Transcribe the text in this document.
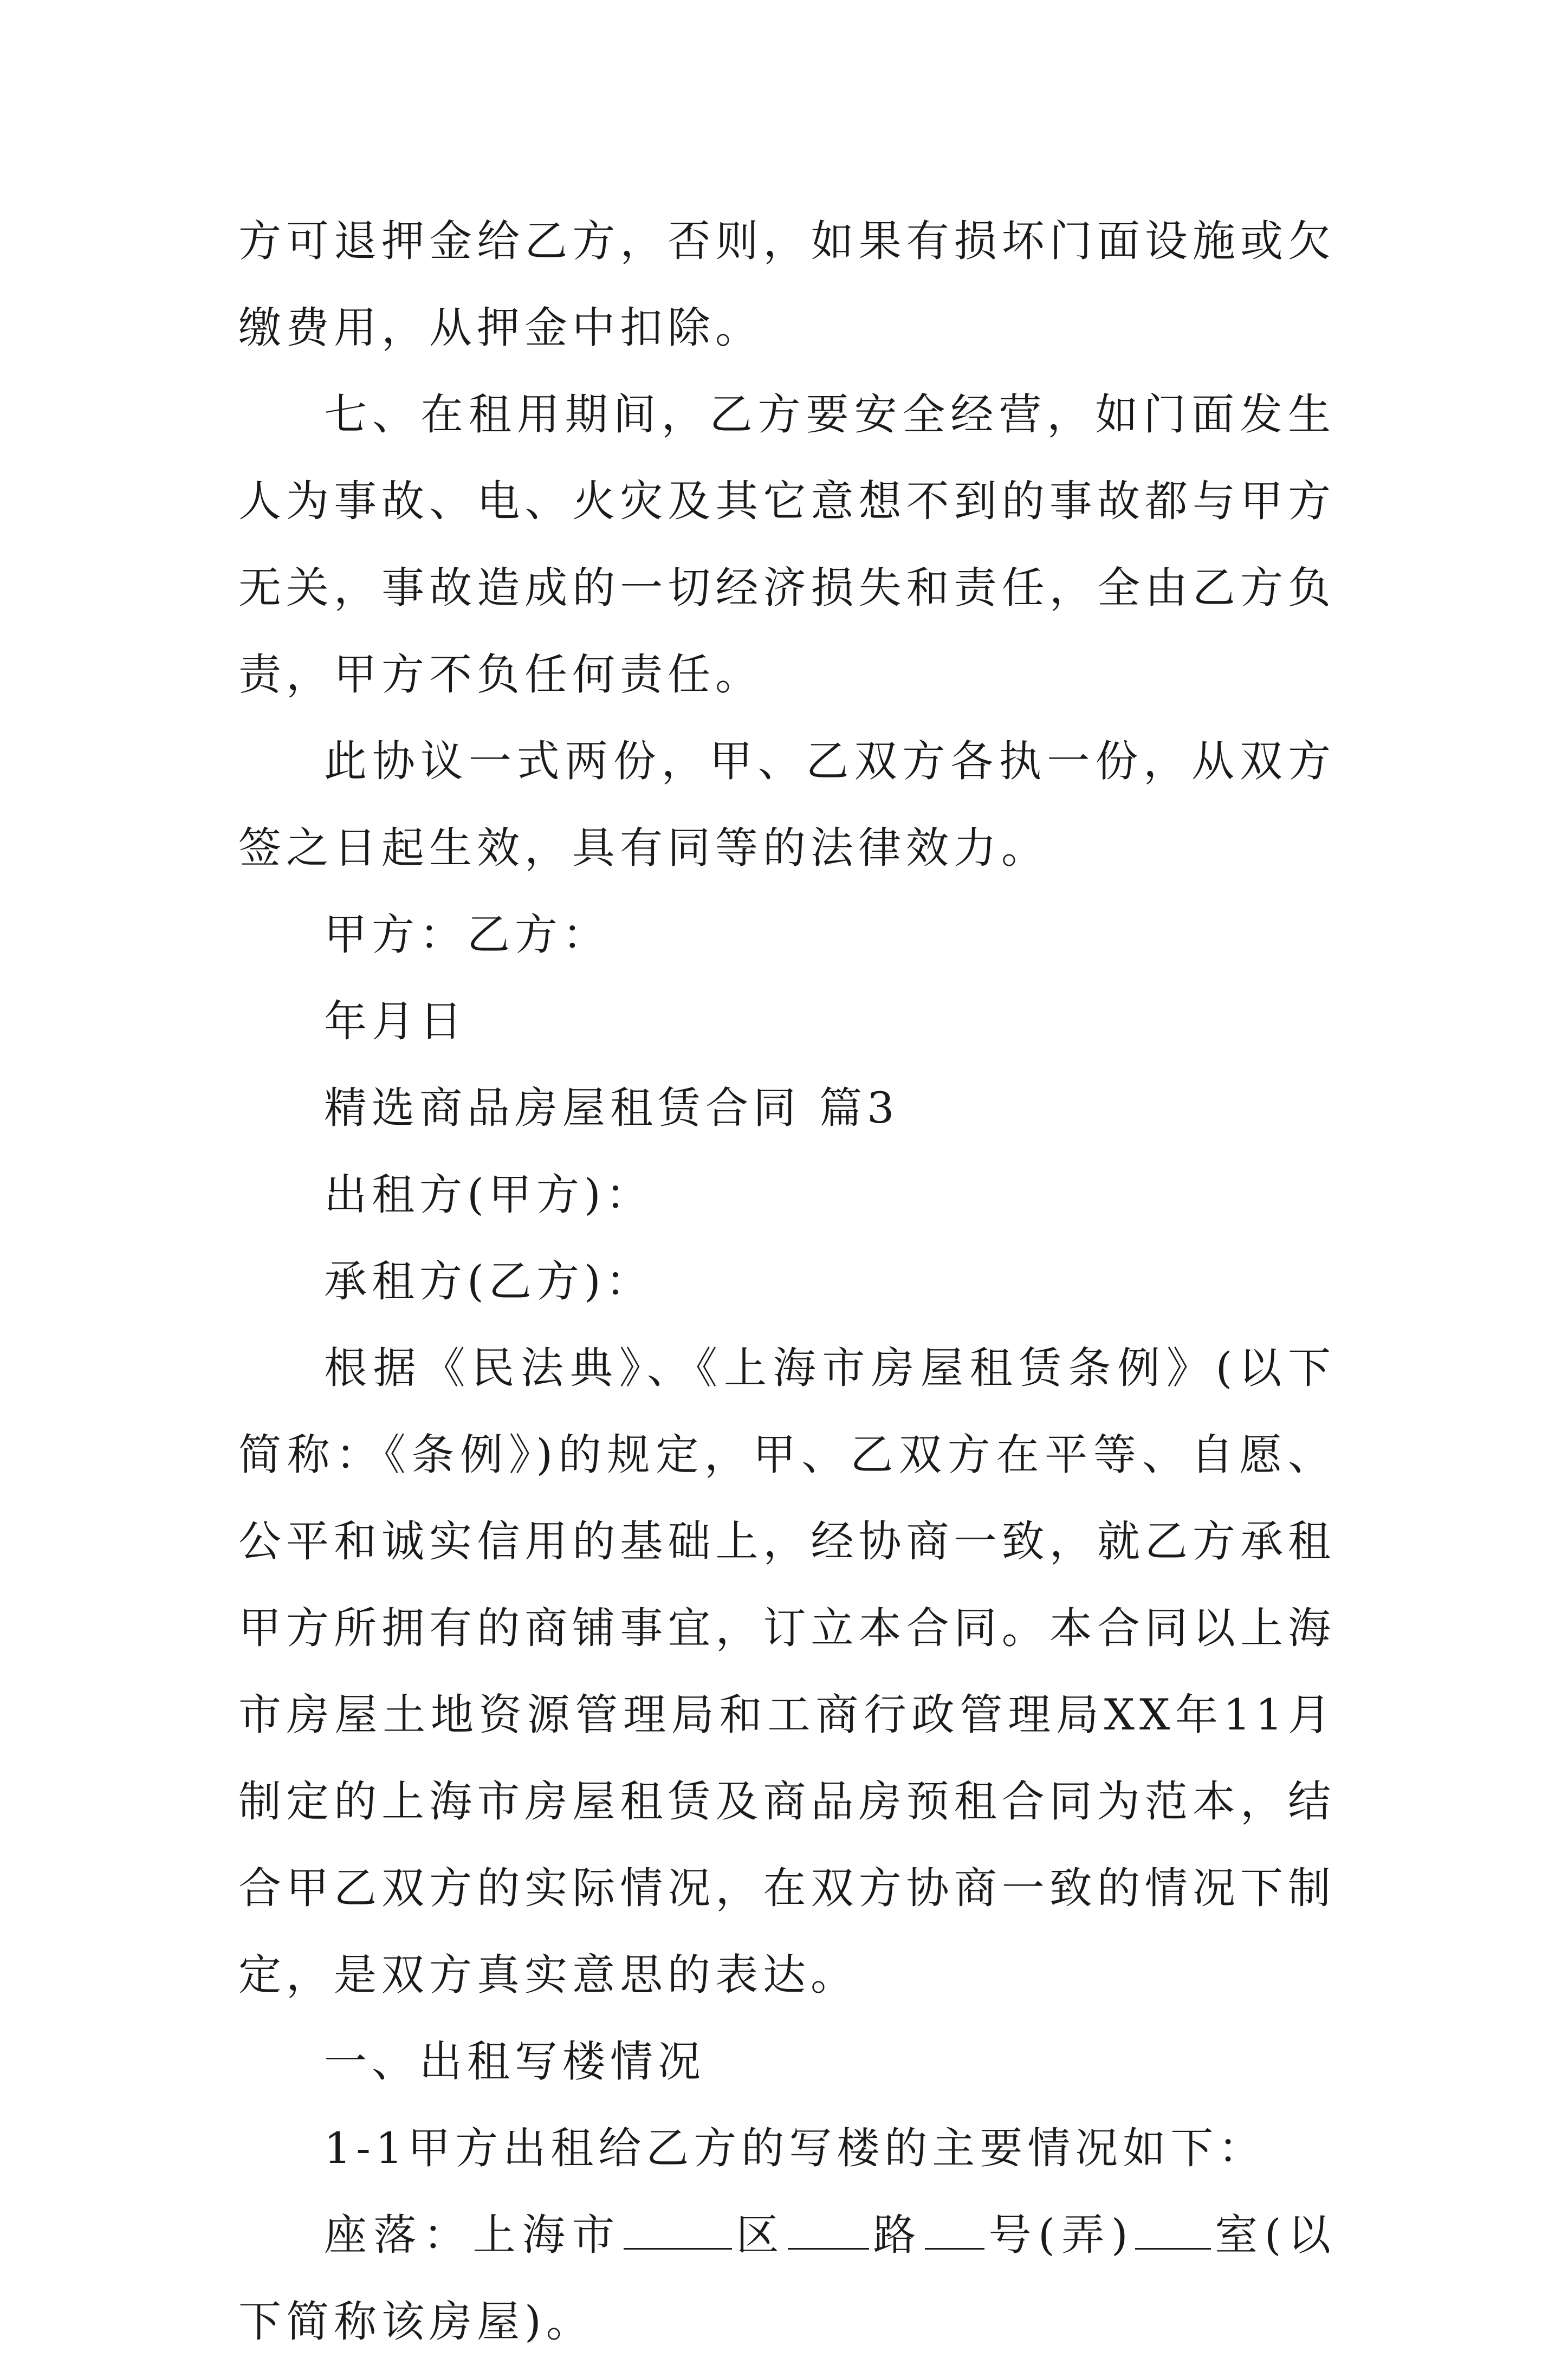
方可退押金给乙方，否则，如果有损坏门面设施或欠缴费用，从押金中扣除。

七、在租用期间，乙方要安全经营，如门面发生人为事故、电、火灾及其它意想不到的事故都与甲方无关，事故造成的一切经济损失和责任，全由乙方负责，甲方不负任何责任。

此协议一式两份，甲、乙双方各执一份，从双方签之日起生效，具有同等的法律效力。

甲方：乙方：

年月日

精选商品房屋租赁合同 篇3

出租方(甲方)：

承租方(乙方)：

根据《民法典》、《上海市房屋租赁条例》(以下简称：《条例》)的规定，甲、乙双方在平等、自愿、公平和诚实信用的基础上，经协商一致，就乙方承租甲方所拥有的商铺事宜，订立本合同。本合同以上海市房屋土地资源管理局和工商行政管理局XX年11月制定的上海市房屋租赁及商品房预租合同为范本，结合甲乙双方的实际情况，在双方协商一致的情况下制定，是双方真实意思的表达。

一、出租写楼情况

1-1甲方出租给乙方的写楼的主要情况如下：

座落：上海市	区 路 号(弄) 室(以下简称该房屋)。
